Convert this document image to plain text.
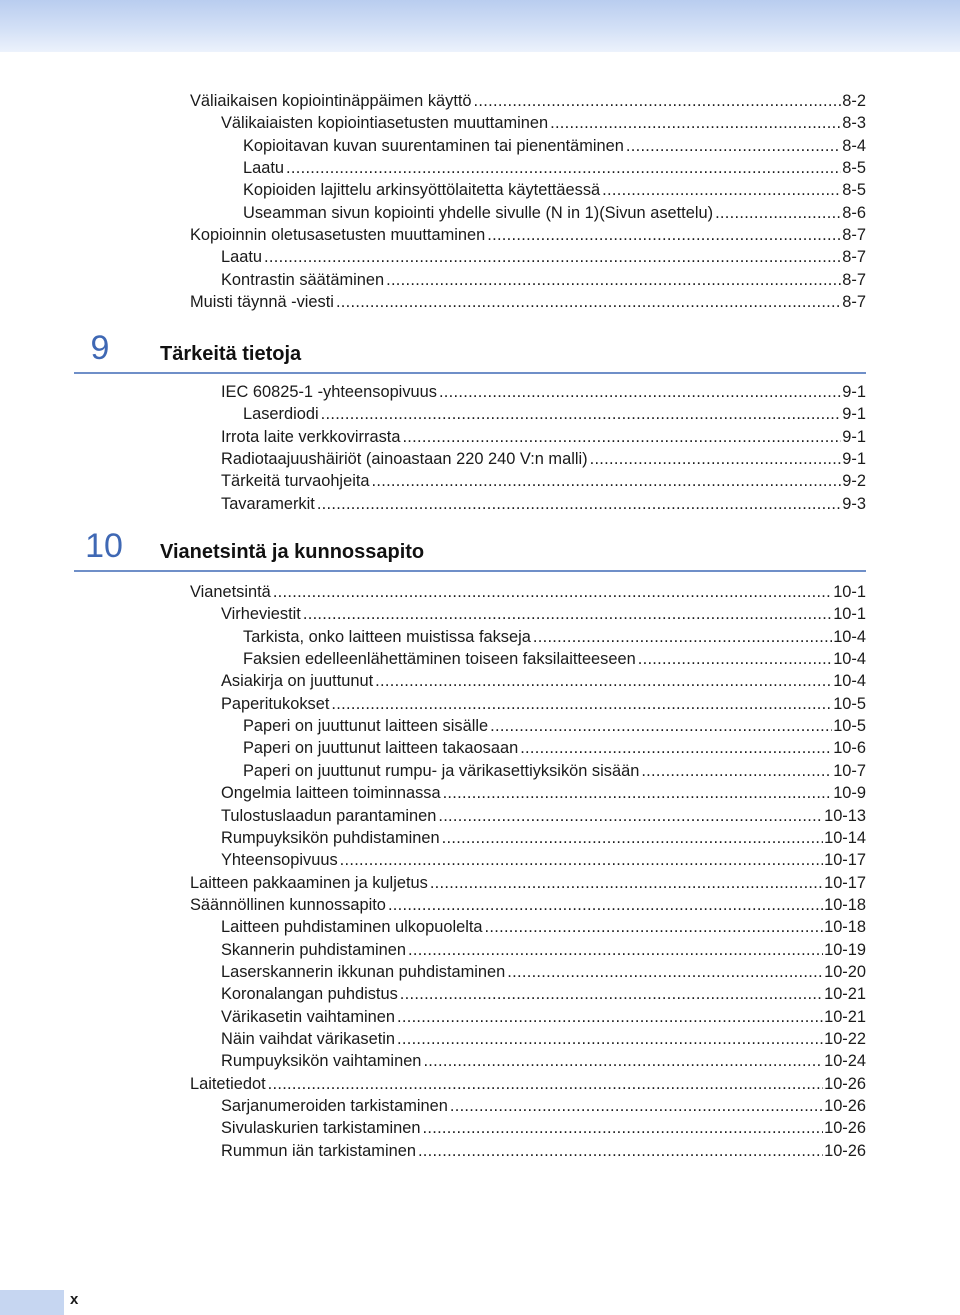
Väliaikaisen kopiointinäppäimen käyttö .....	8-2
Välikaiaisten kopiointiasetusten muuttaminen .....	8-3
Kopioitavan kuvan suurentaminen tai pienentäminen .....	8-4
Laatu .....	8-5
Kopioiden lajittelu arkinsyöttölaitetta käytettäessä .....	8-5
Useamman sivun kopiointi yhdelle sivulle (N in 1)(Sivun asettelu) .....	8-6
Kopioinnin oletusasetusten muuttaminen .....	8-7
Laatu .....	8-7
Kontrastin säätäminen .....	8-7
Muisti täynnä -viesti .....	8-7
9	Tärkeitä tietoja
IEC 60825-1 -yhteensopivuus .....	9-1
Laserdiodi .....	9-1
Irrota laite verkkovirrasta .....	9-1
Radiotaajuushäiriöt (ainoastaan 220 240 V:n malli) .....	9-1
Tärkeitä turvaohjeita .....	9-2
Tavaramerkit .....	9-3
10	Vianetsintä ja kunnossapito
Vianetsintä .....	10-1
Virheviestit .....	10-1
Tarkista, onko laitteen muistissa fakseja .....	10-4
Faksien edelleenlähettäminen toiseen faksilaitteeseen .....	10-4
Asiakirja on juuttunut .....	10-4
Paperitukokset .....	10-5
Paperi on juuttunut laitteen sisälle .....	10-5
Paperi on juuttunut laitteen takaosaan .....	10-6
Paperi on juuttunut rumpu- ja värikasettiyksikön sisään .....	10-7
Ongelmia laitteen toiminnassa .....	10-9
Tulostuslaadun parantaminen .....	10-13
Rumpuyksikön puhdistaminen .....	10-14
Yhteensopivuus .....	10-17
Laitteen pakkaaminen ja kuljetus .....	10-17
Säännöllinen kunnossapito .....	10-18
Laitteen puhdistaminen ulkopuolelta .....	10-18
Skannerin puhdistaminen .....	10-19
Laserskannerin ikkunan puhdistaminen .....	10-20
Koronalangan puhdistus .....	10-21
Värikasetin vaihtaminen .....	10-21
Näin vaihdat värikasetin .....	10-22
Rumpuyksikön vaihtaminen .....	10-24
Laitetiedot .....	10-26
Sarjanumeroiden tarkistaminen .....	10-26
Sivulaskurien tarkistaminen .....	10-26
Rummun iän tarkistaminen .....	10-26
x
